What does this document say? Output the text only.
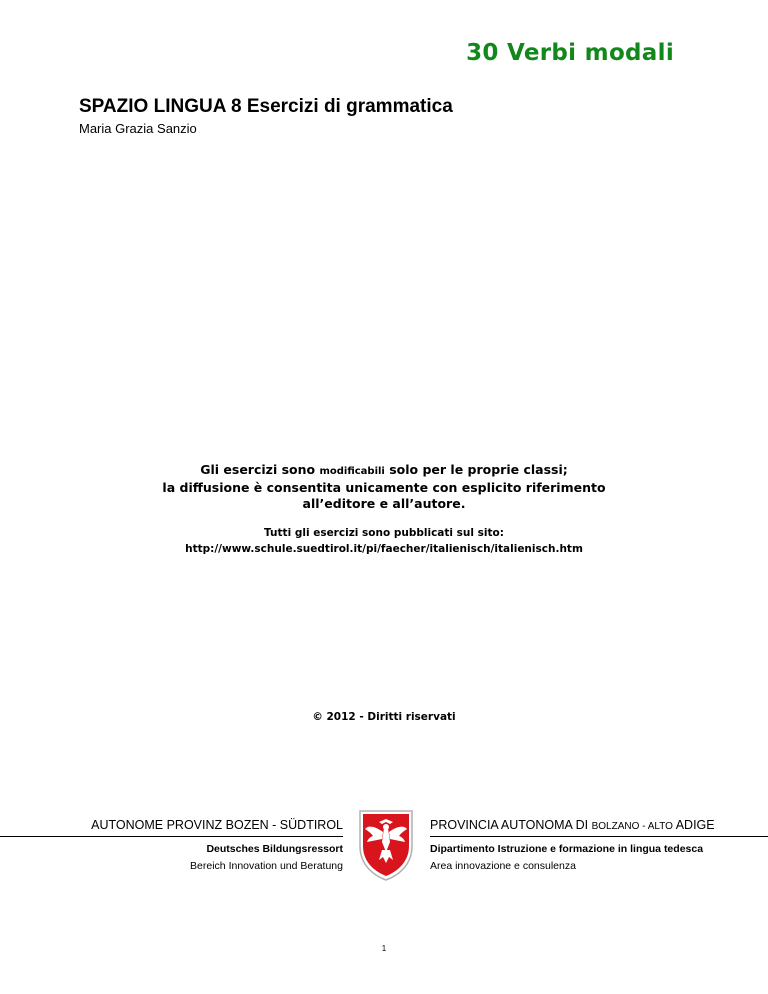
30 Verbi modali
SPAZIO LINGUA 8 Esercizi di grammatica
Maria Grazia Sanzio
Gli esercizi sono modificabili solo per le proprie classi;
la diffusione è consentita unicamente con esplicito riferimento
all’editore e all’autore.
Tutti gli esercizi sono pubblicati sul sito:
http://www.schule.suedtirol.it/pi/faecher/italienisch/italienisch.htm
© 2012 - Diritti riservati
AUTONOME PROVINZ BOZEN - SÜDTIROL
Deutsches Bildungsressort
Bereich Innovation und Beratung
PROVINCIA AUTONOMA DI BOLZANO - ALTO ADIGE
Dipartimento Istruzione e formazione in lingua tedesca
Area innovazione e consulenza
1
